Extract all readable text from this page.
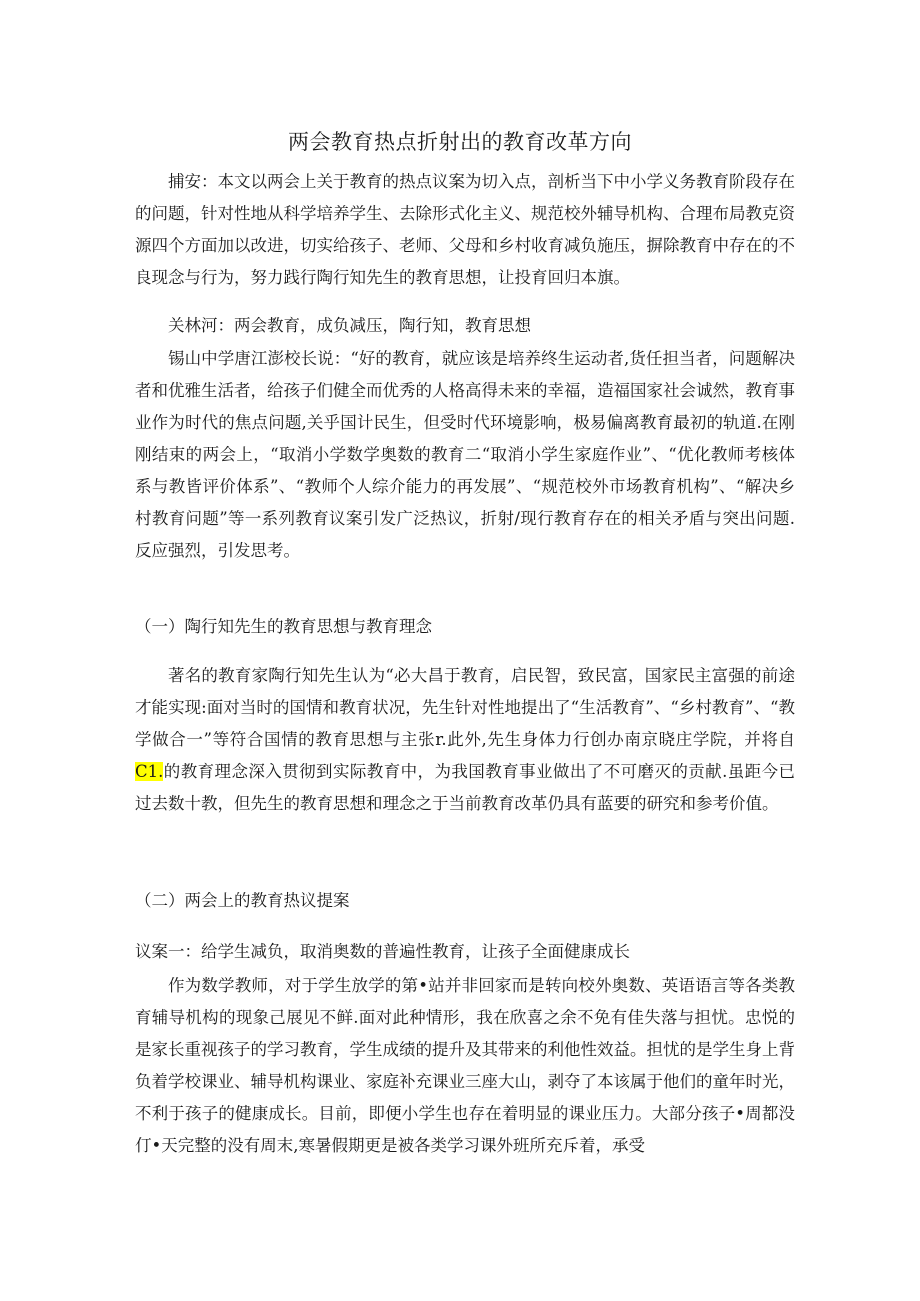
两会教育热点折射出的教育改革方向

捕安：本文以两会上关于教育的热点议案为切入点，剖析当下中小学义务教育阶段存在的问题，针对性地从科学培养学生、去除形式化主义、规范校外辅导机构、合理布局教克资源四个方面加以改进，切实给孩子、老师、父母和乡村收育减负施压，摒除教育中存在的不良现念与行为，努力践行陶行知先生的教育思想，让投育回归本旗。

关林河：两会教育，成负减压，陶行知，教育思想

锡山中学唐江澎校长说：“好的教育，就应该是培养终生运动者,货任担当者，问题解决者和优雅生活者，给孩子们健全而优秀的人格高得未来的幸福，造福国家社会诚然，教育事业作为时代的焦点问题,关乎国计民生，但受时代环境影响，极易偏离教育最初的轨道.在刚刚结束的两会上，“取消小学数学奥数的教育二“取消小学生家庭作业”、“优化教师考核体系与教皆评价体系”、“教师个人综介能力的再发展”、“规范校外市场教育机构”、“解决乡村教育问题”等一系列教育议案引发广泛热议，折射/现行教育存在的相关矛盾与突出问题.反应强烈，引发思考。

（一）陶行知先生的教育思想与教育理念

著名的教育家陶行知先生认为“必大昌于教育，启民智，致民富，国家民主富强的前途才能实现:面对当时的国情和教育状况，先生针对性地提出了“生活教育”、“乡村教育”、“教学做合一”等符合国情的教育思想与主张r.此外,先生身体力行创办南京晓庄学院，并将自C1.的教育理念深入贯彻到实际教育中，为我国教育事业做出了不可磨灭的贡献.虽距今已过去数十教，但先生的教育思想和理念之于当前教育改革仍具有蓝要的研究和参考价值。

（二）两会上的教育热议提案
议案一：给学生减负，取消奥数的普遍性教育，让孩子全面健康成长

作为数学教师，对于学生放学的第•站并非回家而是转向校外奥数、英语语言等各类教育辅导机构的现象己展见不鲜.面对此种情形，我在欣喜之余不免有佳失落与担忧。忠悦的是家长重视孩子的学习教育，学生成绩的提升及其带来的利他性效益。担忧的是学生身上背负着学校课业、辅导机构课业、家庭补充课业三座大山，剥夺了本该属于他们的童年时光，不利于孩子的健康成长。目前，即便小学生也存在着明显的课业压力。大部分孩子•周都没仃•天完整的没有周末,寒暑假期更是被各类学习课外班所充斥着，承受
